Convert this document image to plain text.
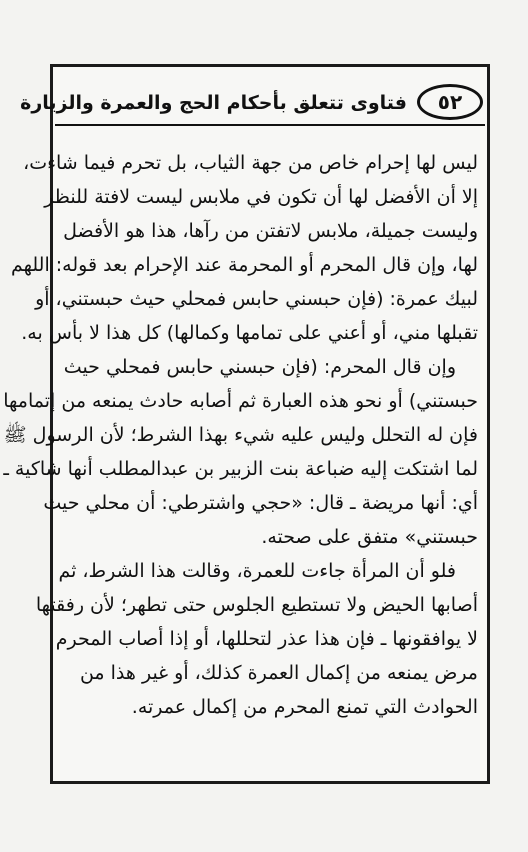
٥٢
فتاوى تتعلق بأحكام الحج والعمرة والزيارة
ليس لها إحرام خاص من جهة الثياب، بل تحرم فيما شاءت،
إلا أن الأفضل لها أن تكون في ملابس ليست لافتة للنظر
وليست جميلة، ملابس لاتفتن من رآها، هذا هو الأفضل
لها، وإن قال المحرم أو المحرمة عند الإحرام بعد قوله: اللهم
لبيك عمرة: (فإن حبسني حابس فمحلي حيث حبستني، أو
تقبلها مني، أو أعني على تمامها وكمالها) كل هذا لا بأس به.
وإن قال المحرم: (فإن حبسني حابس فمحلي حيث
حبستني) أو نحو هذه العبارة ثم أصابه حادث يمنعه من إتمامها
فإن له التحلل وليس عليه شيء بهذا الشرط؛ لأن الرسول ﷺ
لما اشتكت إليه ضباعة بنت الزبير بن عبدالمطلب أنها شاكية ـ
أي: أنها مريضة ـ قال: «حجي واشترطي: أن محلي حيث
حبستني» متفق على صحته.
فلو أن المرأة جاءت للعمرة، وقالت هذا الشرط، ثم
أصابها الحيض ولا تستطيع الجلوس حتى تطهر؛ لأن رفقتها
لا يوافقونها ـ فإن هذا عذر لتحللها، أو إذا أصاب المحرم
مرض يمنعه من إكمال العمرة كذلك، أو غير هذا من
الحوادث التي تمنع المحرم من إكمال عمرته.
